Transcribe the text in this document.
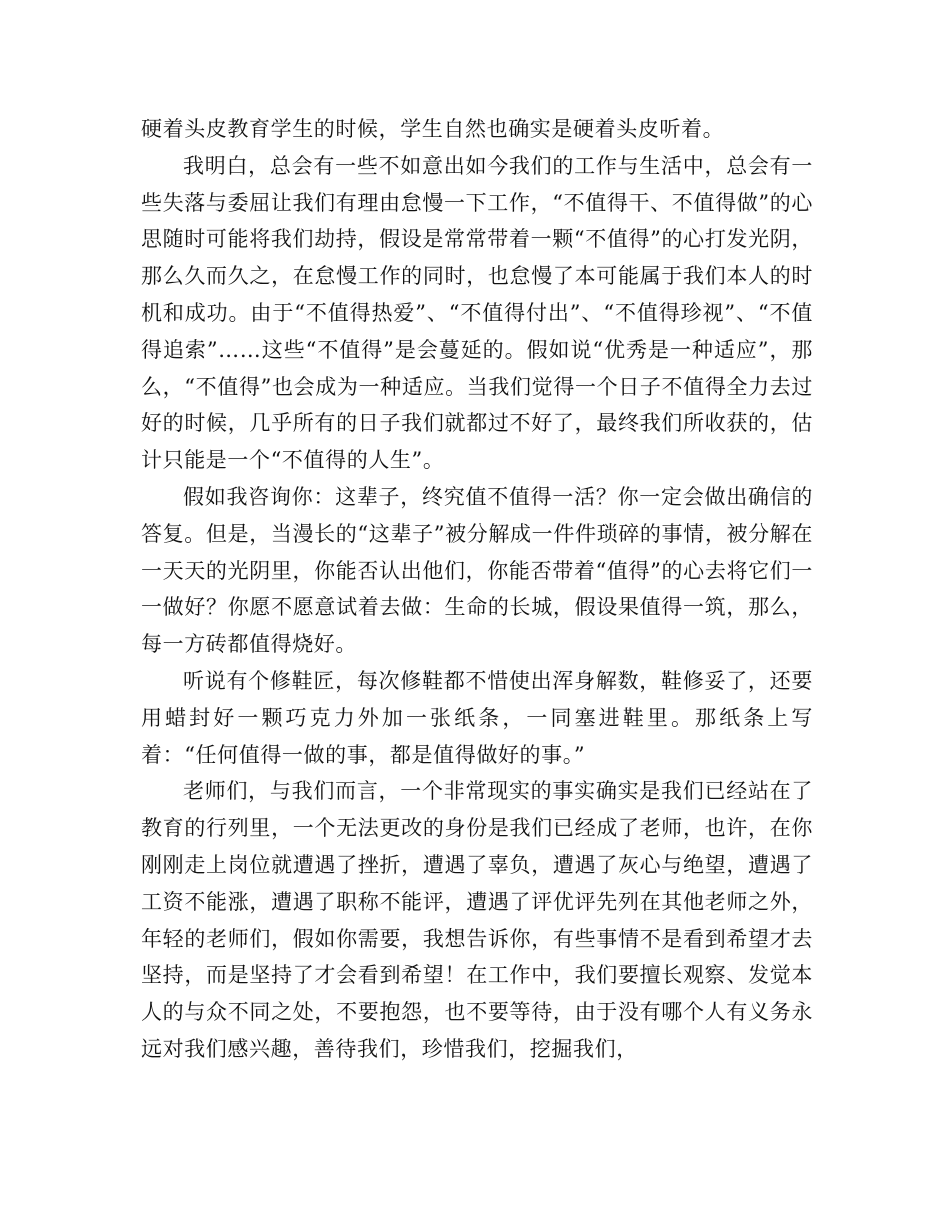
硬着头皮教育学生的时候，学生自然也确实是硬着头皮听着。

我明白，总会有一些不如意出如今我们的工作与生活中，总会有一些失落与委屈让我们有理由怠慢一下工作，“不值得干、不值得做”的心思随时可能将我们劫持，假设是常常带着一颗“不值得”的心打发光阴，那么久而久之，在怠慢工作的同时，也怠慢了本可能属于我们本人的时机和成功。由于“不值得热爱”、“不值得付出”、“不值得珍视”、“不值得追索”……这些“不值得”是会蔓延的。假如说“优秀是一种适应”，那么，“不值得”也会成为一种适应。当我们觉得一个日子不值得全力去过好的时候，几乎所有的日子我们就都过不好了，最终我们所收获的，估计只能是一个“不值得的人生”。

假如我咨询你：这辈子，终究值不值得一活？你一定会做出确信的答复。但是，当漫长的“这辈子”被分解成一件件琐碎的事情，被分解在一天天的光阴里，你能否认出他们，你能否带着“值得”的心去将它们一一做好？你愿不愿意试着去做：生命的长城，假设果值得一筑，那么，每一方砖都值得烧好。

听说有个修鞋匠，每次修鞋都不惜使出浑身解数，鞋修妥了，还要用蜡封好一颗巧克力外加一张纸条，一同塞进鞋里。那纸条上写着：“任何值得一做的事，都是值得做好的事。”

老师们，与我们而言，一个非常现实的事实确实是我们已经站在了教育的行列里，一个无法更改的身份是我们已经成了老师，也许，在你刚刚走上岗位就遭遇了挫折，遭遇了辜负，遭遇了灰心与绝望，遭遇了工资不能涨，遭遇了职称不能评，遭遇了评优评先列在其他老师之外，年轻的老师们，假如你需要，我想告诉你，有些事情不是看到希望才去坚持，而是坚持了才会看到希望！在工作中，我们要擅长观察、发觉本人的与众不同之处，不要抱怨，也不要等待，由于没有哪个人有义务永远对我们感兴趣，善待我们，珍惜我们，挖掘我们，
